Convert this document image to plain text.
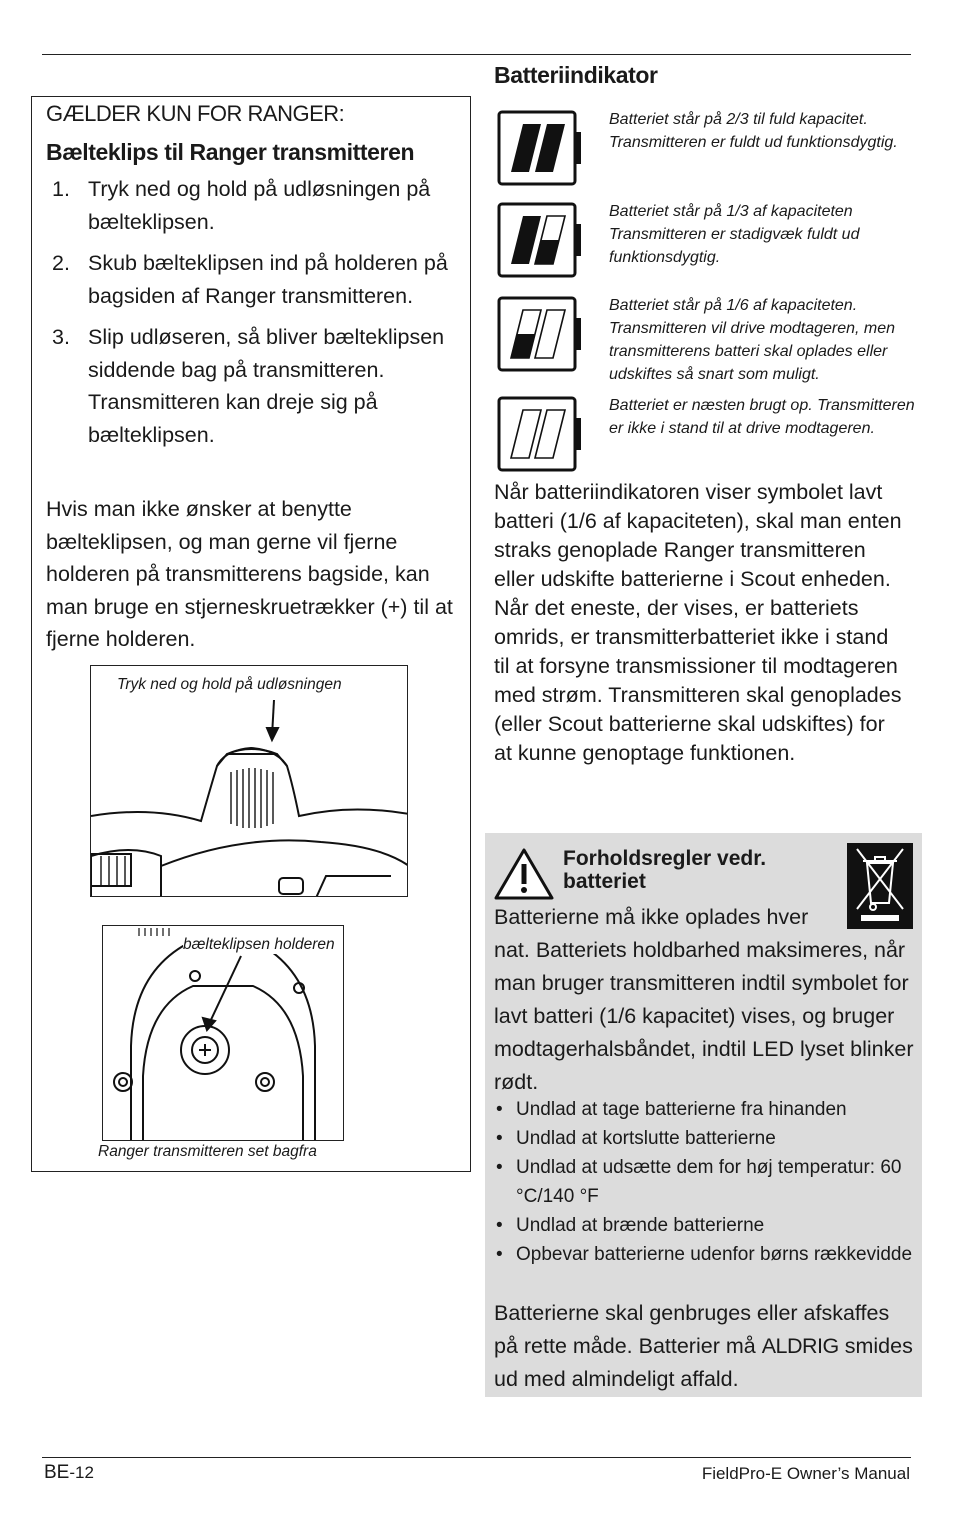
GÆLDER KUN FOR RANGER:
Bælteklips til Ranger transmitteren
1. Tryk ned og hold på udløsningen på bælteklipsen.
2. Skub bælteklipsen ind på holderen på bagsiden af Ranger transmitteren.
3. Slip udløseren, så bliver bælteklipsen siddende bag på transmitteren. Transmitteren kan dreje sig på bælteklipsen.
Hvis man ikke ønsker at benytte bælteklipsen, og man gerne vil fjerne holderen på transmitterens bagside, kan man bruge en stjerneskruetrækker (+) til at fjerne holderen.
Tryk ned og hold på udløsningen
bælteklipsen holderen
Ranger transmitteren set bagfra
Batteriindikator
Batteriet står på 2/3 til fuld kapacitet. Transmitteren er fuldt ud funktionsdygtig.
Batteriet står på 1/3 af kapaciteten Transmitteren er stadigvæk fuldt ud funktionsdygtig.
Batteriet står på 1/6 af kapaciteten. Transmitteren vil drive modtageren, men transmitterens batteri skal oplades eller udskiftes så snart som muligt.
Batteriet er næsten brugt op. Transmitteren er ikke i stand til at drive modtageren.
Når batteriindikatoren viser symbolet lavt batteri (1/6 af kapaciteten), skal man enten straks genoplade Ranger transmitteren eller udskifte batterierne i Scout enheden. Når det eneste, der vises, er batteriets omrids, er transmitterbatteriet ikke i stand til at forsyne transmissioner til modtageren med strøm. Transmitteren skal genoplades (eller Scout batterierne skal udskiftes) for at kunne genoptage funktionen.
Forholdsregler vedr. batteriet
Batterierne må ikke oplades hver
nat. Batteriets holdbarhed maksimeres, når man bruger transmitteren indtil symbolet for lavt batteri (1/6 kapacitet) vises, og bruger modtagerhalsbåndet, indtil LED lyset blinker rødt.
• Undlad at tage batterierne fra hinanden
• Undlad at kortslutte batterierne
• Undlad at udsætte dem for høj temperatur: 60 °C/140 °F
• Undlad at brænde batterierne
• Opbevar batterierne udenfor børns rækkevidde
Batterierne skal genbruges eller afskaffes på rette måde. Batterier må ALDRIG smides ud med almindeligt affald.
BE-12	FieldPro-E Owner’s Manual
